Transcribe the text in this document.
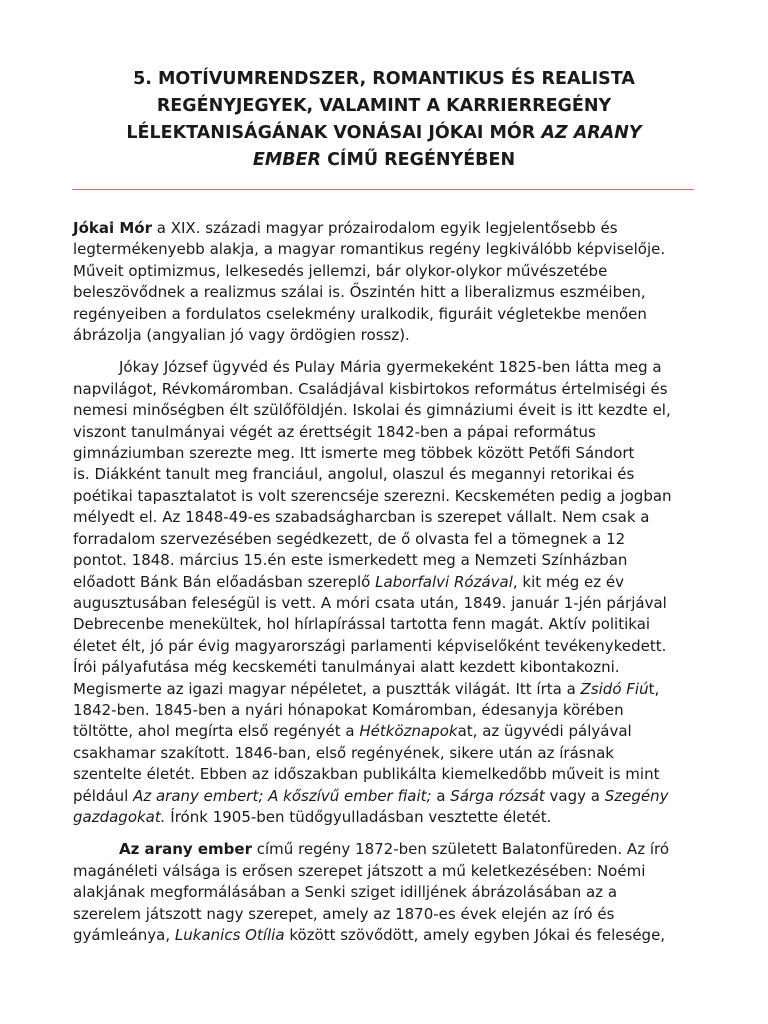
5. MOTÍVUMRENDSZER, ROMANTIKUS ÉS REALISTA
REGÉNYJEGYEK, VALAMINT A KARRIERREGÉNY
LÉLEKTANISÁGÁNAK VONÁSAI JÓKAI MÓR AZ ARANY
EMBER CÍMŰ REGÉNYÉBEN

Jókai Mór a XIX. századi magyar prózairodalom egyik legjelentősebb és
legtermékenyebb alakja, a magyar romantikus regény legkiválóbb képviselője.
Műveit optimizmus, lelkesedés jellemzi, bár olykor-olykor művészetébe
beleszövődnek a realizmus szálai is. Őszintén hitt a liberalizmus eszméiben,
regényeiben a fordulatos cselekmény uralkodik, figuráit végletekbe menően
ábrázolja (angyalian jó vagy ördögien rossz).

Jókay József ügyvéd és Pulay Mária gyermekeként 1825-ben látta meg a
napvilágot, Révkomáromban. Családjával kisbirtokos református értelmiségi és
nemesi minőségben élt szülőföldjén. Iskolai és gimnáziumi éveit is itt kezdte el,
viszont tanulmányai végét az érettségit 1842-ben a pápai református
gimnáziumban szerezte meg. Itt ismerte meg többek között Petőfi Sándort
is. Diákként tanult meg franciául, angolul, olaszul és megannyi retorikai és
poétikai tapasztalatot is volt szerencséje szerezni. Kecskeméten pedig a jogban
mélyedt el. Az 1848-49-es szabadságharcban is szerepet vállalt. Nem csak a
forradalom szervezésében segédkezett, de ő olvasta fel a tömegnek a 12
pontot. 1848. március 15.én este ismerkedett meg a Nemzeti Színházban
előadott Bánk Bán előadásban szereplő Laborfalvi Rózával, kit még ez év
augusztusában feleségül is vett. A móri csata után, 1849. január 1-jén párjával
Debrecenbe menekültek, hol hírlapírással tartotta fenn magát. Aktív politikai
életet élt, jó pár évig magyarországi parlamenti képviselőként tevékenykedett.
Írói pályafutása még kecskeméti tanulmányai alatt kezdett kibontakozni.
Megismerte az igazi magyar népéletet, a pusztták világát. Itt írta a Zsidó Fiút,
1842-ben. 1845-ben a nyári hónapokat Komáromban, édesanyja körében
töltötte, ahol megírta első regényét a Hétköznapokat, az ügyvédi pályával
csakhamar szakított. 1846-ban, első regényének, sikere után az írásnak
szentelte életét. Ebben az időszakban publikálta kiemelkedőbb műveit is mint
például Az arany embert; A kőszívű ember fiait; a Sárga rózsát vagy a Szegény
gazdagokat. Írónk 1905-ben tüdőgyulladásban vesztette életét.

Az arany ember című regény 1872-ben született Balatonfüreden. Az író
magánéleti válsága is erősen szerepet játszott a mű keletkezésében: Noémi
alakjának megformálásában a Senki sziget idilljének ábrázolásában az a
szerelem játszott nagy szerepet, amely az 1870-es évek elején az író és
gyámleánya, Lukanics Otília között szövődött, amely egyben Jókai és felesége,
